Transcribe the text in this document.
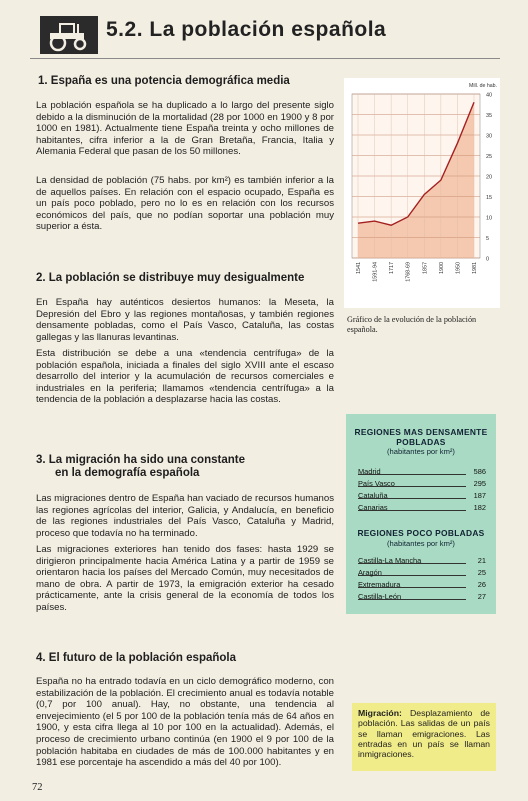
5.2. La población española
1. España es una potencia demográfica media
La población española se ha duplicado a lo largo del presente siglo debido a la disminución de la mortalidad (28 por 1000 en 1900 y 8 por 1000 en 1981). Actualmente tiene España treinta y ocho millones de habitantes, cifra inferior a la de Gran Bretaña, Francia, Italia y Alemania Federal que pasan de los 50 millones.
La densidad de población (75 habs. por km²) es también inferior a la de aquellos países. En relación con el espacio ocupado, España es un país poco poblado, pero no lo es en relación con los recursos económicos del país, que no podían soportar una población muy superior a ésta.
2. La población se distribuye muy desigualmente
En España hay auténticos desiertos humanos: la Meseta, la Depresión del Ebro y las regiones montañosas, y también regiones densamente pobladas, como el País Vasco, Cataluña, las costas gallegas y las llanuras levantinas.
Esta distribución se debe a una «tendencia centrífuga» de la población española, iniciada a finales del siglo XVIII ante el escaso desarrollo del interior y la acumulación de recursos comerciales e industriales en la periferia; llamamos «tendencia centrífuga» a la tendencia de la población a desplazarse hacia las costas.
3. La migración ha sido una constante
en la demografía española
Las migraciones dentro de España han vaciado de recursos humanos las regiones agrícolas del interior, Galicia, y Andalucía, en beneficio de las regiones industriales del País Vasco, Cataluña y Madrid, proceso que todavía no ha terminado.
Las migraciones exteriores han tenido dos fases: hasta 1929 se dirigieron principalmente hacia América Latina y a partir de 1959 se orientaron hacia los países del Mercado Común, muy necesitados de mano de obra. A partir de 1973, la emigración exterior ha cesado prácticamente, ante la crisis general de la economía de todos los países.
4. El futuro de la población española
España no ha entrado todavía en un ciclo demográfico moderno, con estabilización de la población. El crecimiento anual es todavía notable (0,7 por 100 anual). Hay, no obstante, una tendencia al envejecimiento (el 5 por 100 de la población tenía más de 64 años en 1900, y esta cifra llega al 10 por 100 en la actualidad). Además, el proceso de crecimiento urbano continúa (en 1900 el 9 por 100 de la población habitaba en ciudades de más de 100.000 habitantes y en 1981 ese porcentaje ha ascendido a más del 40 por 100).
0
5
10
15
20
25
30
35
40
Mill. de hab.
1541 1591-94 1717 1768-69 1857 1900 1950 1981
Gráfico de la evolución de la población española.
REGIONES MAS DENSAMENTE
POBLADAS
(habitantes por km²)
Madrid	586
País Vasco	295
Cataluña	187
Canarias	182
REGIONES POCO POBLADAS
(habitantes por km²)
Castilla-La Mancha	21
Aragón	25
Extremadura	26
Castilla-León	27
Migración: Desplazamiento de población. Las salidas de un país se llaman emigraciones. Las entradas en un país se llaman inmigraciones.
72
